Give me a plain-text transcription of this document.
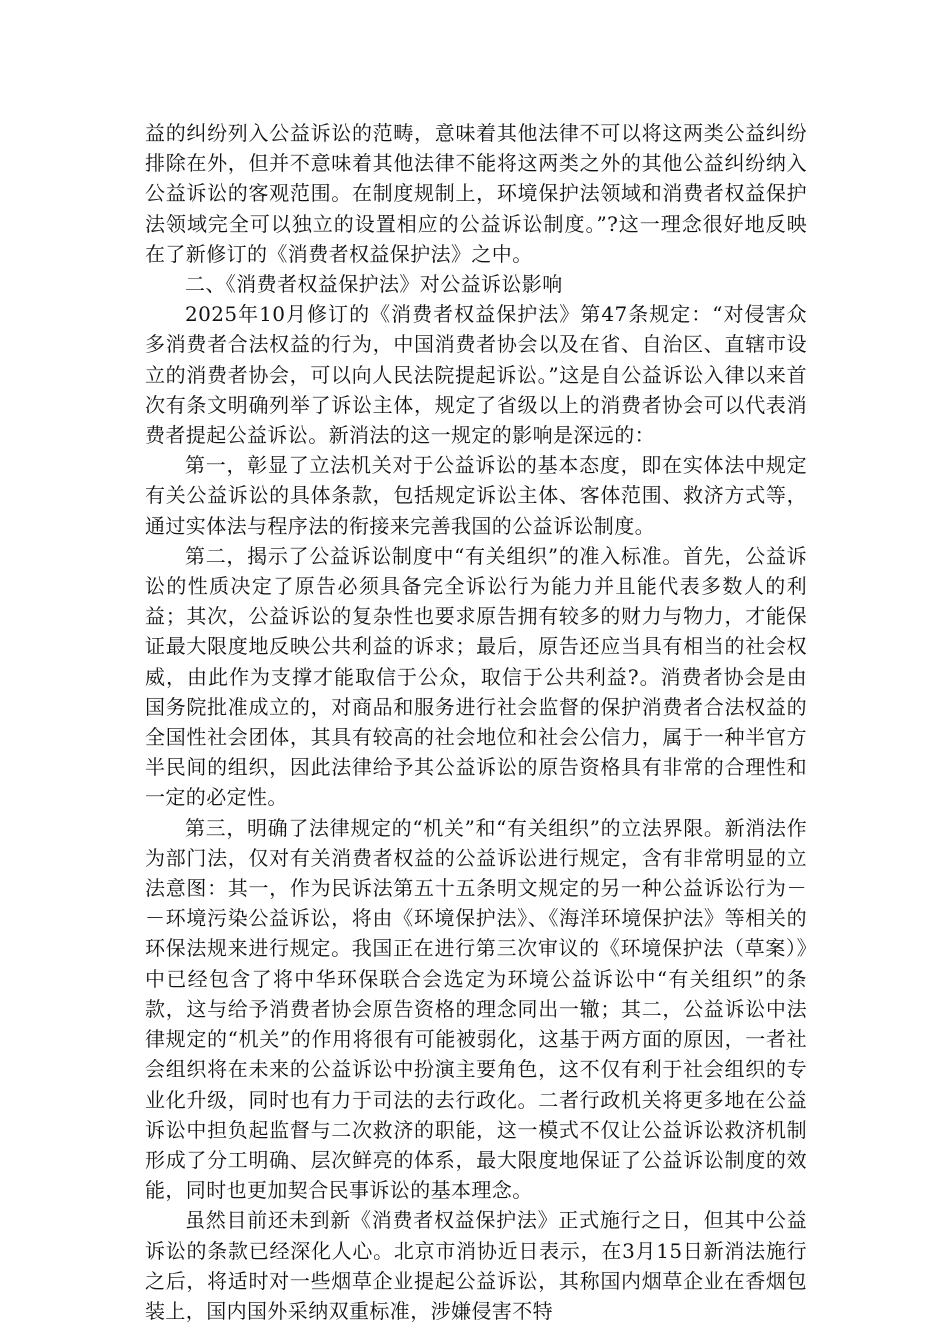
益的纠纷列入公益诉讼的范畴，意味着其他法律不可以将这两类公益纠纷排除在外，但并不意味着其他法律不能将这两类之外的其他公益纠纷纳入公益诉讼的客观范围。在制度规制上，环境保护法领域和消费者权益保护法领域完全可以独立的设置相应的公益诉讼制度。”?这一理念很好地反映在了新修订的《消费者权益保护法》之中。

二、《消费者权益保护法》对公益诉讼影响

2025年10月修订的《消费者权益保护法》第47条规定：“对侵害众多消费者合法权益的行为，中国消费者协会以及在省、自治区、直辖市设立的消费者协会，可以向人民法院提起诉讼。”这是自公益诉讼入律以来首次有条文明确列举了诉讼主体，规定了省级以上的消费者协会可以代表消费者提起公益诉讼。新消法的这一规定的影响是深远的：

第一，彰显了立法机关对于公益诉讼的基本态度，即在实体法中规定有关公益诉讼的具体条款，包括规定诉讼主体、客体范围、救济方式等，通过实体法与程序法的衔接来完善我国的公益诉讼制度。

第二，揭示了公益诉讼制度中“有关组织”的准入标准。首先，公益诉讼的性质决定了原告必须具备完全诉讼行为能力并且能代表多数人的利益；其次，公益诉讼的复杂性也要求原告拥有较多的财力与物力，才能保证最大限度地反映公共利益的诉求；最后，原告还应当具有相当的社会权威，由此作为支撑才能取信于公众，取信于公共利益?。消费者协会是由国务院批准成立的，对商品和服务进行社会监督的保护消费者合法权益的全国性社会团体，其具有较高的社会地位和社会公信力，属于一种半官方半民间的组织，因此法律给予其公益诉讼的原告资格具有非常的合理性和一定的必定性。

第三，明确了法律规定的“机关”和“有关组织”的立法界限。新消法作为部门法，仅对有关消费者权益的公益诉讼进行规定，含有非常明显的立法意图：其一，作为民诉法第五十五条明文规定的另一种公益诉讼行为－－环境污染公益诉讼，将由《环境保护法》、《海洋环境保护法》等相关的环保法规来进行规定。我国正在进行第三次审议的《环境保护法（草案）》中已经包含了将中华环保联合会选定为环境公益诉讼中“有关组织”的条款，这与给予消费者协会原告资格的理念同出一辙；其二，公益诉讼中法律规定的“机关”的作用将很有可能被弱化，这基于两方面的原因，一者社会组织将在未来的公益诉讼中扮演主要角色，这不仅有利于社会组织的专业化升级，同时也有力于司法的去行政化。二者行政机关将更多地在公益诉讼中担负起监督与二次救济的职能，这一模式不仅让公益诉讼救济机制形成了分工明确、层次鲜亮的体系，最大限度地保证了公益诉讼制度的效能，同时也更加契合民事诉讼的基本理念。

虽然目前还未到新《消费者权益保护法》正式施行之日，但其中公益诉讼的条款已经深化人心。北京市消协近日表示，在3月15日新消法施行之后，将适时对一些烟草企业提起公益诉讼，其称国内烟草企业在香烟包装上，国内国外采纳双重标准，涉嫌侵害不特
